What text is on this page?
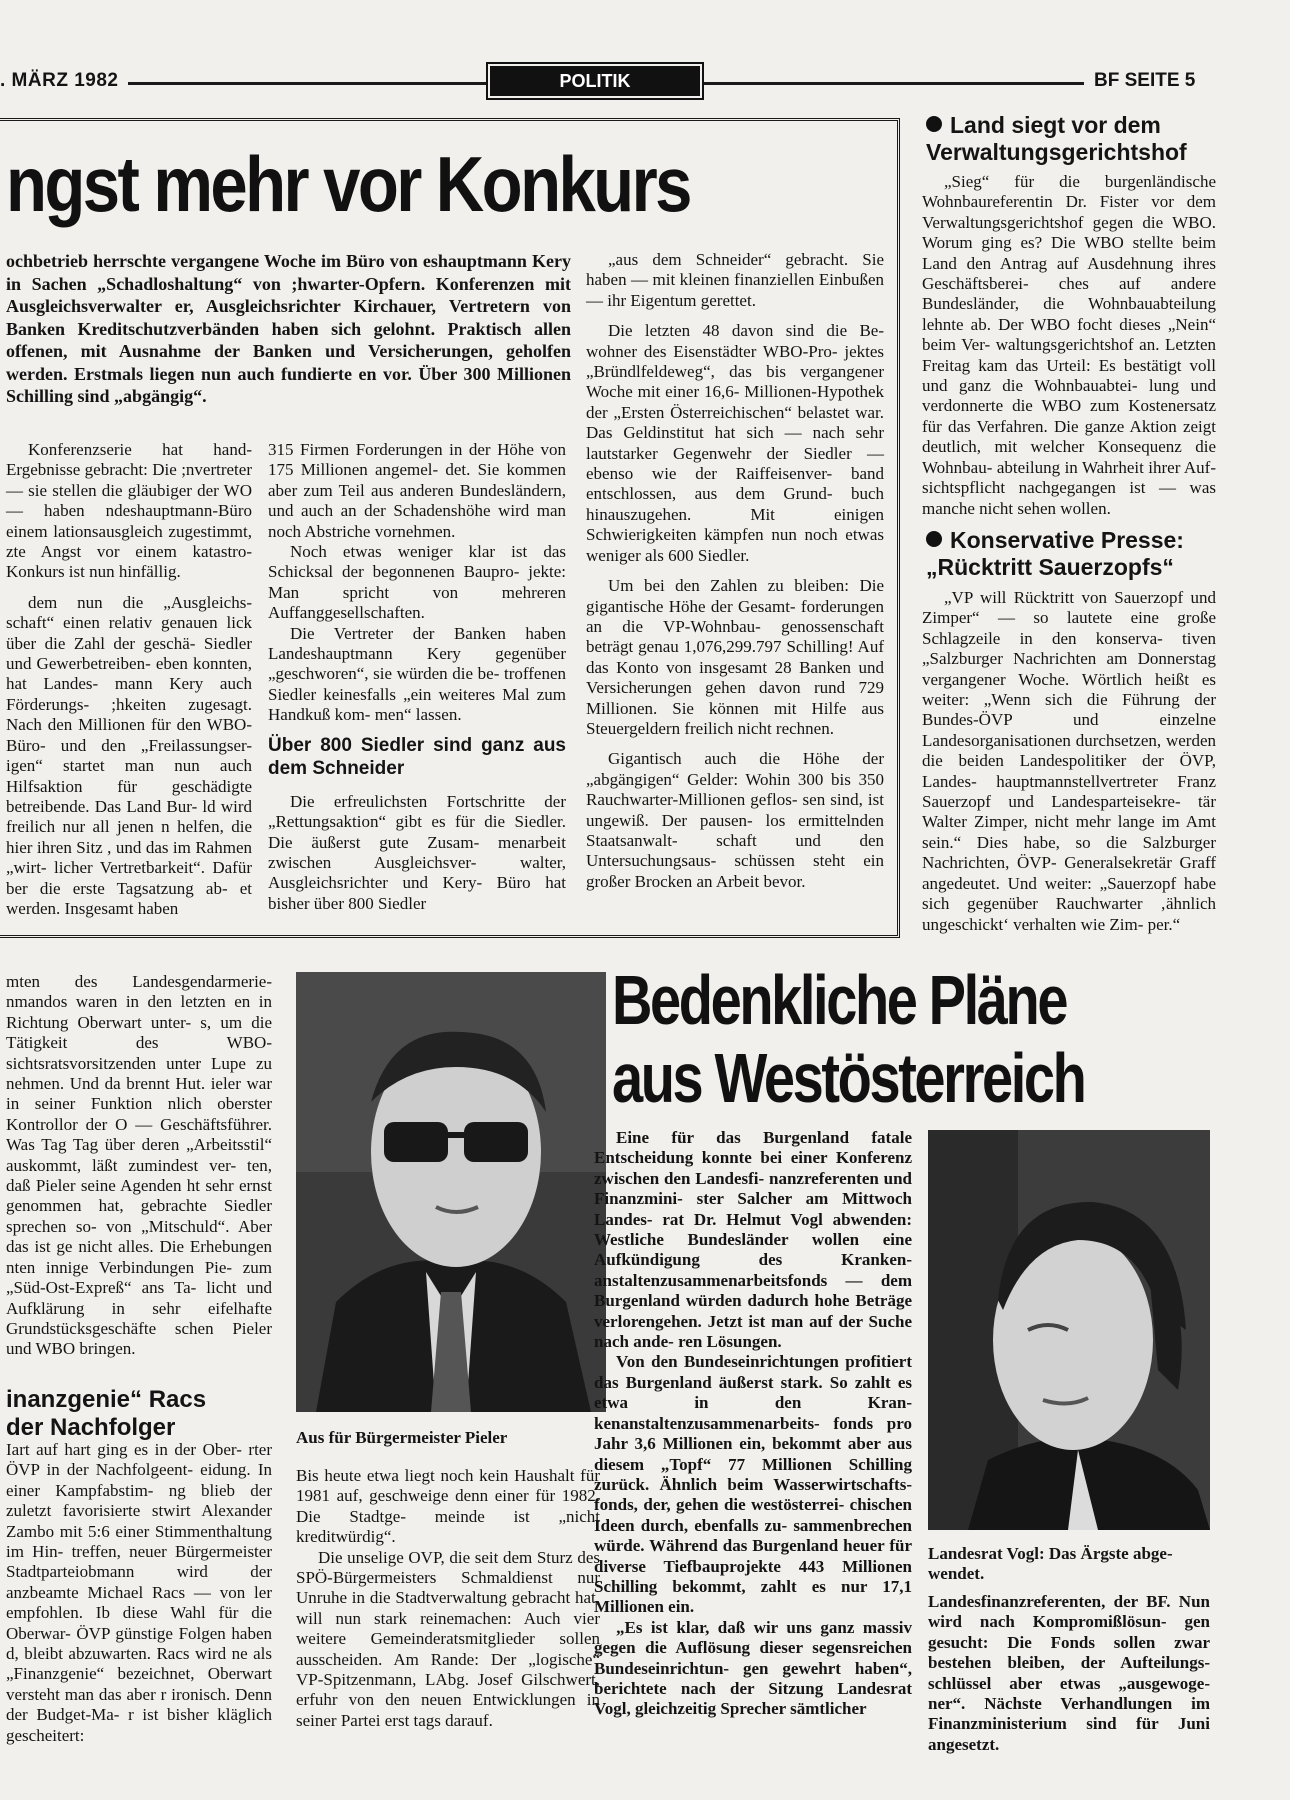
. MÄRZ 1982	POLITIK	BF SEITE 5
ngst mehr vor Konkurs

ochbetrieb herrschte vergangene Woche im Büro von eshauptmann Kery in Sachen „Schadloshaltung“ von ;hwarter-Opfern. Konferenzen mit Ausgleichsverwalter er, Ausgleichsrichter Kirchauer, Vertretern von Banken Kreditschutzverbänden haben sich gelohnt. Praktisch allen offenen, mit Ausnahme der Banken und Versicherungen, geholfen werden. Erstmals liegen nun auch fundierte en vor. Über 300 Millionen Schilling sind „abgängig“.

Konferenzserie hat hand- Ergebnisse gebracht: Die ;nvertreter — sie stellen die gläubiger der WO — haben ndeshauptmann-Büro einem lationsausgleich zugestimmt, zte Angst vor einem katastro- Konkurs ist nun hinfällig.

dem nun die „Ausgleichs- schaft“ einen relativ genauen lick über die Zahl der geschä- Siedler und Gewerbetreiben- eben konnten, hat Landes- mann Kery auch Förderungs- ;hkeiten zugesagt. Nach den Millionen für den WBO-Büro- und den „Freilassungser- igen“ startet man nun auch Hilfsaktion für geschädigte betreibende. Das Land Bur- ld wird freilich nur all jenen n helfen, die hier ihren Sitz , und das im Rahmen „wirt- licher Vertretbarkeit“. Dafür ber die erste Tagsatzung ab- et werden. Insgesamt haben

315 Firmen Forderungen in der Höhe von 175 Millionen angemel- det. Sie kommen aber zum Teil aus anderen Bundesländern, und auch an der Schadenshöhe wird man noch Abstriche vornehmen.

Noch etwas weniger klar ist das Schicksal der begonnenen Baupro- jekte: Man spricht von mehreren Auffanggesellschaften.

Die Vertreter der Banken haben Landeshauptmann Kery gegenüber „geschworen“, sie würden die be- troffenen Siedler keinesfalls „ein weiteres Mal zum Handkuß kom- men“ lassen.

Über 800 Siedler sind ganz aus dem Schneider

Die erfreulichsten Fortschritte der „Rettungsaktion“ gibt es für die Siedler. Die äußerst gute Zusam- menarbeit zwischen Ausgleichsver- walter, Ausgleichsrichter und Kery- Büro hat bisher über 800 Siedler

„aus dem Schneider“ gebracht. Sie haben — mit kleinen finanziellen Einbußen — ihr Eigentum gerettet.

Die letzten 48 davon sind die Be- wohner des Eisenstädter WBO-Pro- jektes „Bründlfeldeweg“, das bis vergangener Woche mit einer 16,6- Millionen-Hypothek der „Ersten Österreichischen“ belastet war. Das Geldinstitut hat sich — nach sehr lautstarker Gegenwehr der Siedler — ebenso wie der Raiffeisenver- band entschlossen, aus dem Grund- buch hinauszugehen. Mit einigen Schwierigkeiten kämpfen nun noch etwas weniger als 600 Siedler.

Um bei den Zahlen zu bleiben: Die gigantische Höhe der Gesamt- forderungen an die VP-Wohnbau- genossenschaft beträgt genau 1,076,299.797 Schilling! Auf das Konto von insgesamt 28 Banken und Versicherungen gehen davon rund 729 Millionen. Sie können mit Hilfe aus Steuergeldern freilich nicht rechnen.

Gigantisch auch die Höhe der „abgängigen“ Gelder: Wohin 300 bis 350 Rauchwarter-Millionen geflos- sen sind, ist ungewiß. Der pausen- los ermittelnden Staatsanwalt- schaft und den Untersuchungsaus- schüssen steht ein großer Brocken an Arbeit bevor.

Land siegt vor dem Verwaltungsgerichtshof

„Sieg“ für die burgenländische Wohnbaureferentin Dr. Fister vor dem Verwaltungsgerichtshof gegen die WBO. Worum ging es? Die WBO stellte beim Land den Antrag auf Ausdehnung ihres Geschäftsberei- ches auf andere Bundesländer, die Wohnbauabteilung lehnte ab. Der WBO focht dieses „Nein“ beim Ver- waltungsgerichtshof an. Letzten Freitag kam das Urteil: Es bestätigt voll und ganz die Wohnbauabtei- lung und verdonnerte die WBO zum Kostenersatz für das Verfahren. Die ganze Aktion zeigt deutlich, mit welcher Konsequenz die Wohnbau- abteilung in Wahrheit ihrer Auf- sichtspflicht nachgegangen ist — was manche nicht sehen wollen.

Konservative Presse: „Rücktritt Sauerzopfs“

„VP will Rücktritt von Sauerzopf und Zimper“ — so lautete eine große Schlagzeile in den konserva- tiven „Salzburger Nachrichten am Donnerstag vergangener Woche. Wörtlich heißt es weiter: „Wenn sich die Führung der Bundes-ÖVP und einzelne Landesorganisationen durchsetzen, werden die beiden Landespolitiker der ÖVP, Landes- hauptmannstellvertreter Franz Sauerzopf und Landesparteisekre- tär Walter Zimper, nicht mehr lange im Amt sein.“ Dies habe, so die Salzburger Nachrichten, ÖVP- Generalsekretär Graff angedeutet. Und weiter: „Sauerzopf habe sich gegenüber Rauchwarter ‚ähnlich ungeschickt‘ verhalten wie Zim- per.“

mten des Landesgendarmerie- nmandos waren in den letzten en in Richtung Oberwart unter- s, um die Tätigkeit des WBO- sichtsratsvorsitzenden unter Lupe zu nehmen. Und da brennt Hut. ieler war in seiner Funktion nlich oberster Kontrollor der O — Geschäftsführer. Was Tag Tag über deren „Arbeitsstil“ auskommt, läßt zumindest ver- ten, daß Pieler seine Agenden ht sehr ernst genommen hat, gebrachte Siedler sprechen so- von „Mitschuld“. Aber das ist ge nicht alles. Die Erhebungen nten innige Verbindungen Pie- zum „Süd-Ost-Expreß“ ans Ta- licht und Aufklärung in sehr eifelhafte Grundstücksgeschäfte schen Pieler und WBO bringen.

inanzgenie“ Racs der Nachfolger

Iart auf hart ging es in der Ober- rter ÖVP in der Nachfolgeent- eidung. In einer Kampfabstim- ng blieb der zuletzt favorisierte stwirt Alexander Zambo mit 5:6 einer Stimmenthaltung im Hin- treffen, neuer Bürgermeister Stadtparteiobmann wird der anzbeamte Michael Racs — von ler empfohlen. Ib diese Wahl für die Oberwar- ÖVP günstige Folgen haben d, bleibt abzuwarten. Racs wird ne als „Finanzgenie“ bezeichnet, Oberwart versteht man das aber r ironisch. Denn der Budget-Ma- r ist bisher kläglich gescheitert:

Aus für Bürgermeister Pieler

Bis heute etwa liegt noch kein Haushalt für 1981 auf, geschweige denn einer für 1982. Die Stadtge- meinde ist „nicht kreditwürdig“.

Die unselige OVP, die seit dem Sturz des SPÖ-Bürgermeisters Schmaldienst nur Unruhe in die Stadtverwaltung gebracht hat, will nun stark reinemachen: Auch vier weitere Gemeinderatsmitglieder sollen ausscheiden. Am Rande: Der „logische“ VP-Spitzenmann, LAbg. Josef Gilschwert, erfuhr von den neuen Entwicklungen in seiner Partei erst tags darauf.

Bedenkliche Pläne
aus Westösterreich

Eine für das Burgenland fatale Entscheidung konnte bei einer Konferenz zwischen den Landesfi- nanzreferenten und Finanzmini- ster Salcher am Mittwoch Landes- rat Dr. Helmut Vogl abwenden: Westliche Bundesländer wollen eine Aufkündigung des Kranken- anstaltenzusammenarbeitsfonds — dem Burgenland würden dadurch hohe Beträge verlorengehen. Jetzt ist man auf der Suche nach ande- ren Lösungen.

Von den Bundeseinrichtungen profitiert das Burgenland äußerst stark. So zahlt es etwa in den Kran- kenanstaltenzusammenarbeits- fonds pro Jahr 3,6 Millionen ein, bekommt aber aus diesem „Topf“ 77 Millionen Schilling zurück. Ähnlich beim Wasserwirtschafts- fonds, der, gehen die westösterrei- chischen Ideen durch, ebenfalls zu- sammenbrechen würde. Während das Burgenland heuer für diverse Tiefbauprojekte 443 Millionen Schilling bekommt, zahlt es nur 17,1 Millionen ein.

„Es ist klar, daß wir uns ganz massiv gegen die Auflösung dieser segensreichen Bundeseinrichtun- gen gewehrt haben“, berichtete nach der Sitzung Landesrat Vogl, gleichzeitig Sprecher sämtlicher

Landesrat Vogl: Das Ärgste abge- wendet.

Landesfinanzreferenten, der BF. Nun wird nach Kompromißlösun- gen gesucht: Die Fonds sollen zwar bestehen bleiben, der Aufteilungs- schlüssel aber etwas „ausgewoge- ner“. Nächste Verhandlungen im Finanzministerium sind für Juni angesetzt.
